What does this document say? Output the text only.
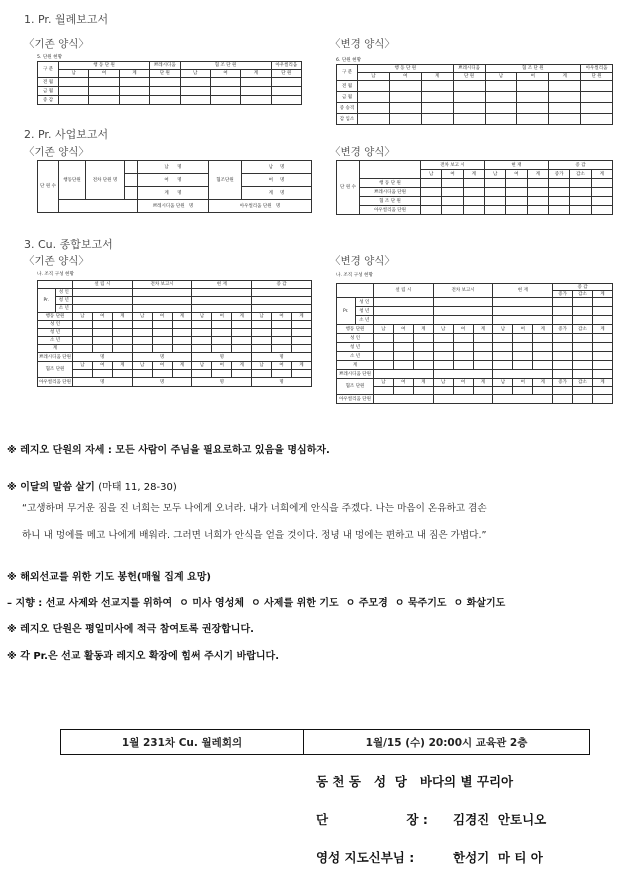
1. Pr. 월례보고서
〈기존 양식〉	〈변경 양식〉
5. 단원 현황
구 분	행 동 단 원			쁘레시디움	협 조 단 원			아우씰리움
	남	여	계	단 원	남	여	계	단 원
전 월								
금 월								
증 감								
6. 단원 현황
구 분	행 동 단 원			쁘레시디움	협 조 단 원			아우씰리움
	남	여	계	단 원	남	여	계	단 원
전 월								
금 월								
증 승격								
감 입소								
2. Pr. 사업보고서
〈기존 양식〉	〈변경 양식〉
단 원 수	행동단원	전차 단원 명		남      명	협조단원	남     명
				여      명		여     명
				계      명		계     명
				쁘레시디움 단원   명	아우씰리움 단원   명	
단 원 수		전차 보고 시			현 재			증 감		
		남	여	계	남	여	계	증가	감소	계
	행 동 단 원									
	쁘레시디움 단원									
	협 조 단 원									
	아우씰리움 단원									
3. Cu. 종합보고서
〈기존 양식〉	〈변경 양식〉
나. 조직 구성 현황
		설 립 시			전차 보고시			현 재			증 감		
Pr.	성 인												
	청 년												
	소 년												
행동 단원		남	여	계	남	여	계	남	여	계	남	여	계
성 인													
청 년													
소 년													
계													
쁘레시디움 단원		명			명			명			명		
협조 단원		남	여	계	남	여	계	남	여	계	남	여	계

아우씰리움 단원		명			명			명			명		
나. 조직 구성 현황
		설 립 시			전차 보고시			현 재			증 감		
											증가	감소	계
Pr.	성 인												
	청 년												
	소 년												
행동 단원		남	여	계	남	여	계	남	여	계	증가	감소	계
성 인													
청 년													
소 년													
계													
쁘레시디움 단원													
협조 단원		남	여	계	남	여	계	남	여	계	증가	감소	계

아우씰리움 단원													
※ 레지오 단원의 자세 : 모든 사람이 주님을 필요로하고 있음을 명심하자.
※ 이달의 말씀 살기 (마태 11, 28-30)
“고생하며 무거운 짐을 진 너희는 모두 나에게 오너라. 내가 너희에게 안식을 주겠다. 나는 마음이 온유하고 겸손
하니 내 멍에를 메고 나에게 배워라. 그러면 너희가 안식을 얻을 것이다. 정녕 내 멍에는 편하고 내 짐은 가볍다.”
※ 해외선교를 위한 기도 봉헌(매월 집계 요망)
– 지향 : 선교 사제와 선교지를 위하여  ㅇ 미사 영성체  ㅇ 사제를 위한 기도  ㅇ 주모경  ㅇ 묵주기도  ㅇ 화살기도
※ 레지오 단원은 평일미사에 적극 참여토록 권장합니다.
※ 각 Pr.은 선교 활동과 레지오 확장에 힘써 주시기 바랍니다.
1월 231차 Cu. 월레회의	1월/15 (수) 20:00시 교육관 2층
동 천 동   성  당   바다의 별 꾸리아
단                  장 : 김경진  안토니오
영성 지도신부님 :	한성기  마 티 아
